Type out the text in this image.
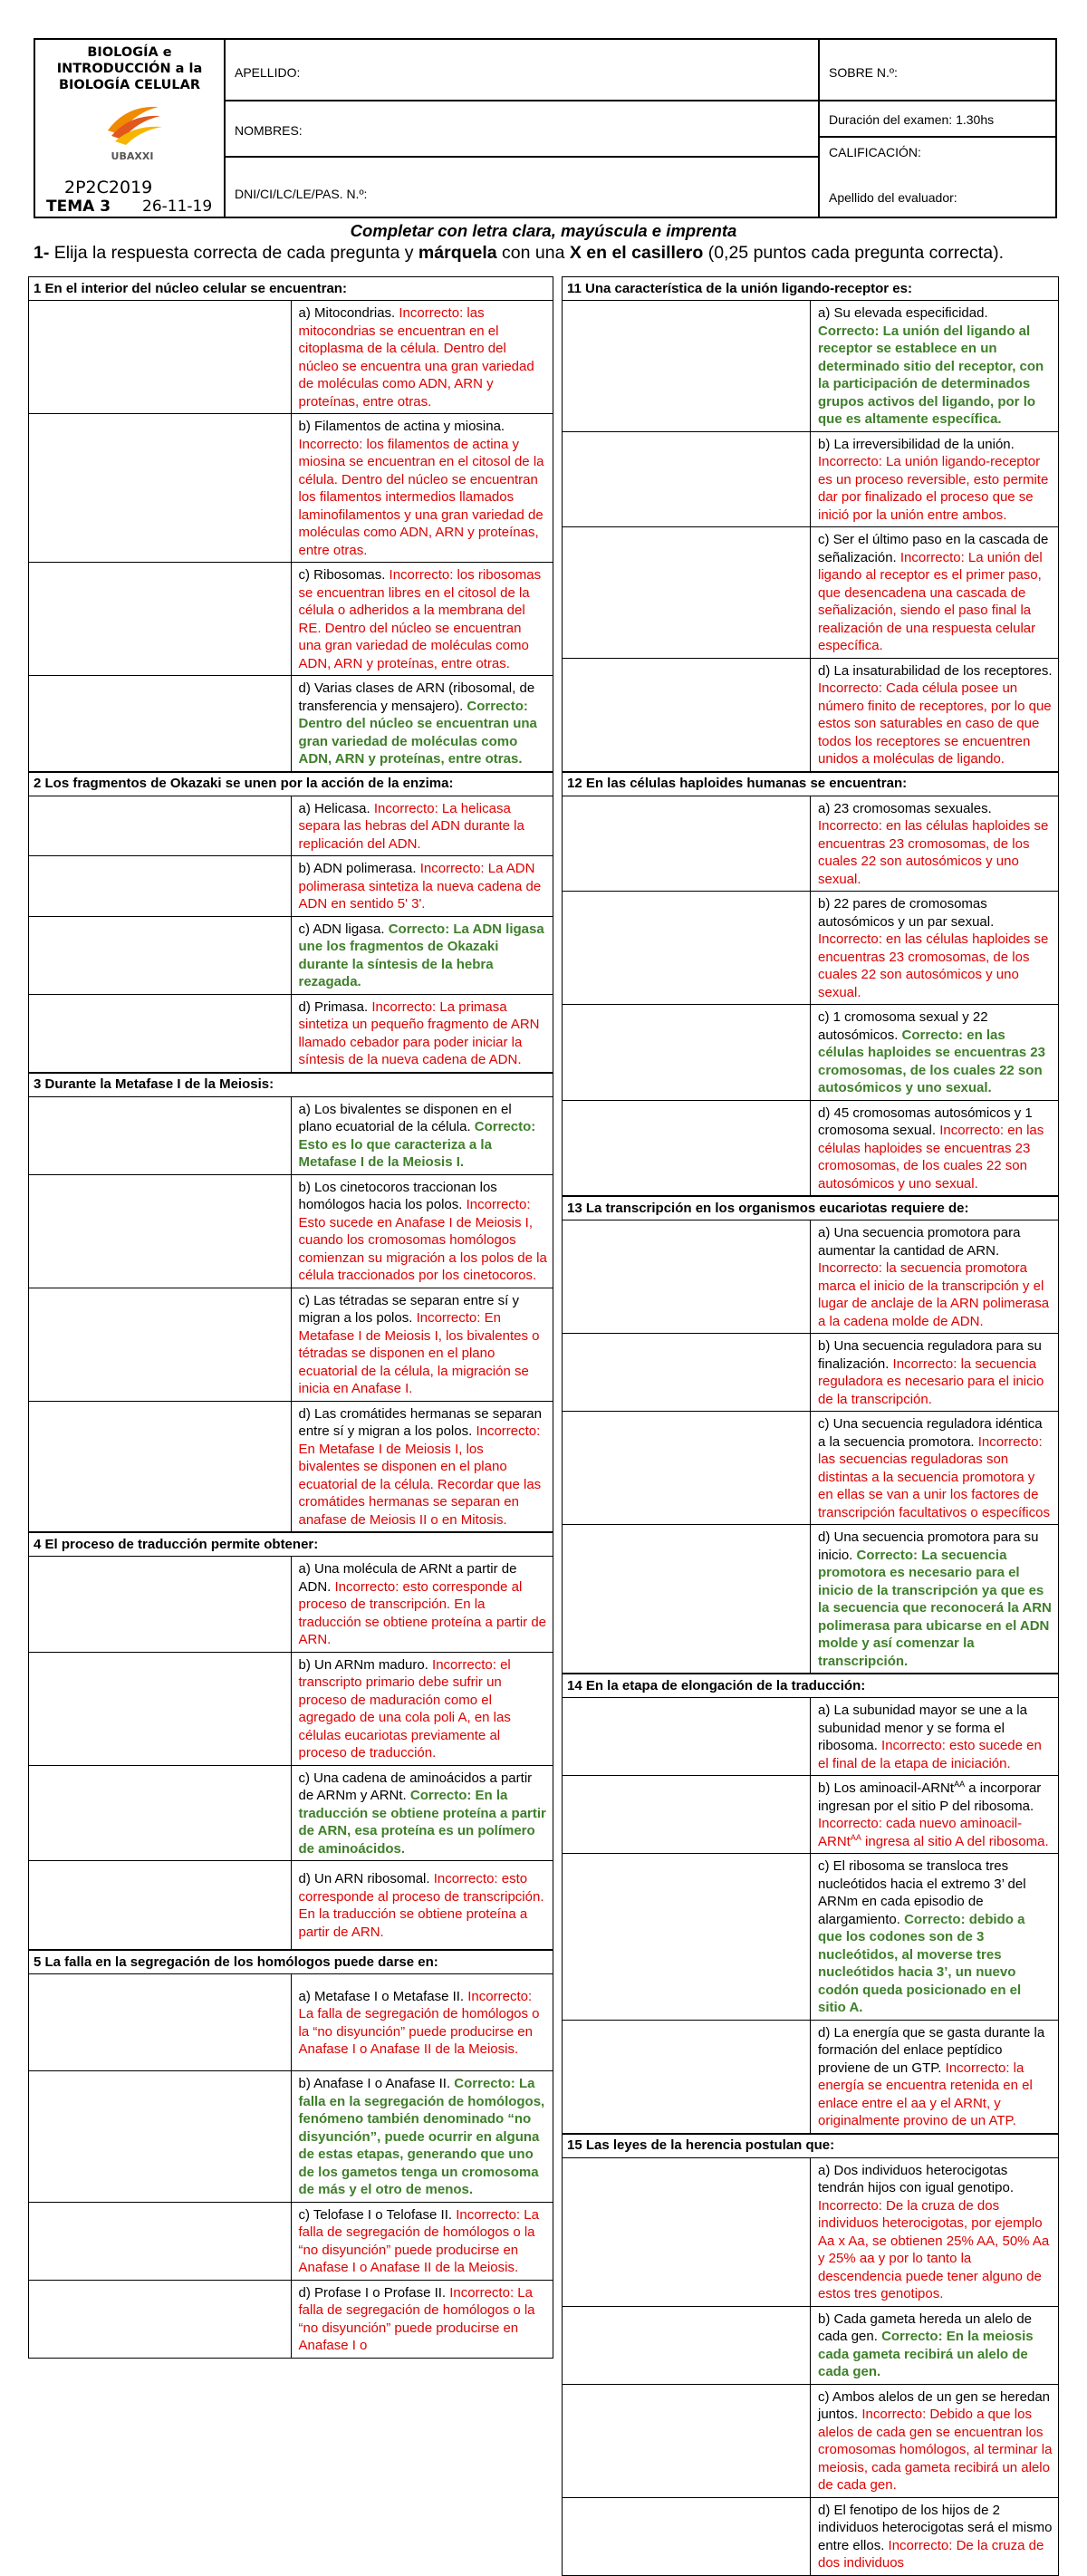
BIOLOGÍA e INTRODUCCIÓN a la BIOLOGÍA CELULAR
UBAXXI
2P2C2019
TEMA 3 26-11-19
APELLIDO:
NOMBRES:
DNI/CI/LC/LE/PAS. N.º:
SOBRE N.º:
Duración del examen: 1.30hs
CALIFICACIÓN:
Apellido del evaluador:
Completar con letra clara, mayúscula e imprenta
1- Elija la respuesta correcta de cada pregunta y márquela con una X en el casillero (0,25 puntos cada pregunta correcta).
1 En el interior del núcleo celular se encuentran:	
	a) Mitocondrias. Incorrecto: las mitocondrias se encuentran en el citoplasma de la célula. Dentro del núcleo se encuentra una gran variedad de moléculas como ADN, ARN y proteínas, entre otras.
	b) Filamentos de actina y miosina. Incorrecto: los filamentos de actina y miosina se encuentran en el citosol de la célula. Dentro del núcleo se encuentran los filamentos intermedios llamados laminofilamentos y una gran variedad de moléculas como ADN, ARN y proteínas, entre otras.
	c) Ribosomas. Incorrecto: los ribosomas se encuentran libres en el citosol de la célula o adheridos a la membrana del RE. Dentro del núcleo se encuentran una gran variedad de moléculas como ADN, ARN y proteínas, entre otras.
	d) Varias clases de ARN (ribosomal, de transferencia y mensajero). Correcto: Dentro del núcleo se encuentran una gran variedad de moléculas como ADN, ARN y proteínas, entre otras.
2 Los fragmentos de Okazaki se unen por la acción de la enzima:	
	a) Helicasa. Incorrecto: La helicasa separa las hebras del ADN durante la replicación del ADN.
	b) ADN polimerasa. Incorrecto: La ADN polimerasa sintetiza la nueva cadena de ADN en sentido 5' 3'.
	c) ADN ligasa. Correcto: La ADN ligasa une los fragmentos de Okazaki durante la síntesis de la hebra rezagada.
	d) Primasa. Incorrecto: La primasa sintetiza un pequeño fragmento de ARN llamado cebador para poder iniciar la síntesis de la nueva cadena de ADN.
3 Durante la Metafase I de la Meiosis:	
	a) Los bivalentes se disponen en el plano ecuatorial de la célula. Correcto: Esto es lo que caracteriza a la Metafase I de la Meiosis I.
	b) Los cinetocoros traccionan los homólogos hacia los polos. Incorrecto: Esto sucede en Anafase I de Meiosis I, cuando los cromosomas homólogos comienzan su migración a los polos de la célula traccionados por los cinetocoros.
	c) Las tétradas se separan entre sí y migran a los polos. Incorrecto: En Metafase I de Meiosis I, los bivalentes o tétradas se disponen en el plano ecuatorial de la célula, la migración se inicia en Anafase I.
	d) Las cromátides hermanas se separan entre sí y migran a los polos. Incorrecto: En Metafase I de Meiosis I, los bivalentes se disponen en el plano ecuatorial de la célula. Recordar que las cromátides hermanas se separan en anafase de Meiosis II o en Mitosis.
4 El proceso de traducción permite obtener:	
	a) Una molécula de ARNt a partir de ADN. Incorrecto: esto corresponde al proceso de transcripción. En la traducción se obtiene proteína a partir de ARN.
	b) Un ARNm maduro. Incorrecto: el transcripto primario debe sufrir un proceso de maduración como el agregado de una cola poli A, en las células eucariotas previamente al proceso de traducción.
	c) Una cadena de aminoácidos a partir de ARNm y ARNt. Correcto: En la traducción se obtiene proteína a partir de ARN, esa proteína es un polímero de aminoácidos.
	d) Un ARN ribosomal. Incorrecto: esto corresponde al proceso de transcripción. En la traducción se obtiene proteína a partir de ARN.
5 La falla en la segregación de los homólogos puede darse en:	
	a) Metafase I o Metafase II. Incorrecto: La falla de segregación de homólogos o la “no disyunción” puede producirse en Anafase I o Anafase II de la Meiosis.
	b) Anafase I o Anafase II. Correcto: La falla en la segregación de homólogos, fenómeno también denominado “no disyunción”, puede ocurrir en alguna de estas etapas, generando que uno de los gametos tenga un cromosoma de más y el otro de menos.
	c) Telofase I o Telofase II. Incorrecto: La falla de segregación de homólogos o la “no disyunción” puede producirse en Anafase I o Anafase II de la Meiosis.
	d) Profase I o Profase II. Incorrecto: La falla de segregación de homólogos o la “no disyunción” puede producirse en Anafase I o
11 Una característica de la unión ligando-receptor es:	
	a) Su elevada especificidad. Correcto: La unión del ligando al receptor se establece en un determinado sitio del receptor, con la participación de determinados grupos activos del ligando, por lo que es altamente específica.
	b) La irreversibilidad de la unión. Incorrecto: La unión ligando-receptor es un proceso reversible, esto permite dar por finalizado el proceso que se inició por la unión entre ambos.
	c) Ser el último paso en la cascada de señalización. Incorrecto: La unión del ligando al receptor es el primer paso, que desencadena una cascada de señalización, siendo el paso final la realización de una respuesta celular específica.
	d) La insaturabilidad de los receptores. Incorrecto: Cada célula posee un número finito de receptores, por lo que estos son saturables en caso de que todos los receptores se encuentren unidos a moléculas de ligando.
12 En las células haploides humanas se encuentran:	
	a) 23 cromosomas sexuales. Incorrecto: en las células haploides se encuentras 23 cromosomas, de los cuales 22 son autosómicos y uno sexual.
	b) 22 pares de cromosomas autosómicos y un par sexual. Incorrecto: en las células haploides se encuentras 23 cromosomas, de los cuales 22 son autosómicos y uno sexual.
	c) 1 cromosoma sexual y 22 autosómicos. Correcto: en las células haploides se encuentras 23 cromosomas, de los cuales 22 son autosómicos y uno sexual.
	d) 45 cromosomas autosómicos y 1 cromosoma sexual. Incorrecto: en las células haploides se encuentras 23 cromosomas, de los cuales 22 son autosómicos y uno sexual.
13 La transcripción en los organismos eucariotas requiere de:	
	a) Una secuencia promotora para aumentar la cantidad de ARN. Incorrecto: la secuencia promotora marca el inicio de la transcripción y el lugar de anclaje de la ARN polimerasa a la cadena molde de ADN.
	b) Una secuencia reguladora para su finalización. Incorrecto: la secuencia reguladora es necesario para el inicio de la transcripción.
	c) Una secuencia reguladora idéntica a la secuencia promotora. Incorrecto: las secuencias reguladoras son distintas a la secuencia promotora y en ellas se van a unir los factores de transcripción facultativos o específicos
	d) Una secuencia promotora para su inicio. Correcto: La secuencia promotora es necesario para el inicio de la transcripción ya que es la secuencia que reconocerá la ARN polimerasa para ubicarse en el ADN molde y así comenzar la transcripción.
14 En la etapa de elongación de la traducción:	
	a) La subunidad mayor se une a la subunidad menor y se forma el ribosoma. Incorrecto: esto sucede en el final de la etapa de iniciación.
	b) Los aminoacil-ARNt$^{AA}$ a incorporar ingresan por el sitio P del ribosoma. Incorrecto: cada nuevo aminoacil-ARNt$^{AA}$ ingresa al sitio A del ribosoma.
	c) El ribosoma se transloca tres nucleótidos hacia el extremo 3’ del ARNm en cada episodio de alargamiento. Correcto: debido a que los codones son de 3 nucleótidos, al moverse tres nucleótidos hacia 3’, un nuevo codón queda posicionado en el sitio A.
	d) La energía que se gasta durante la formación del enlace peptídico proviene de un GTP. Incorrecto: la energía se encuentra retenida en el enlace entre el aa y el ARNt, y originalmente provino de un ATP.
15 Las leyes de la herencia postulan que:	
	a) Dos individuos heterocigotas tendrán hijos con igual genotipo. Incorrecto: De la cruza de dos individuos heterocigotas, por ejemplo Aa x Aa, se obtienen 25% AA, 50% Aa y 25% aa y por lo tanto la descendencia puede tener alguno de estos tres genotipos.
	b) Cada gameta hereda un alelo de cada gen. Correcto: En la meiosis cada gameta recibirá un alelo de cada gen.
	c) Ambos alelos de un gen se heredan juntos. Incorrecto: Debido a que los alelos de cada gen se encuentran los cromosomas homólogos, al terminar la meiosis, cada gameta recibirá un alelo de cada gen.
	d) El fenotipo de los hijos de 2 individuos heterocigotas será el mismo entre ellos. Incorrecto: De la cruza de dos individuos
